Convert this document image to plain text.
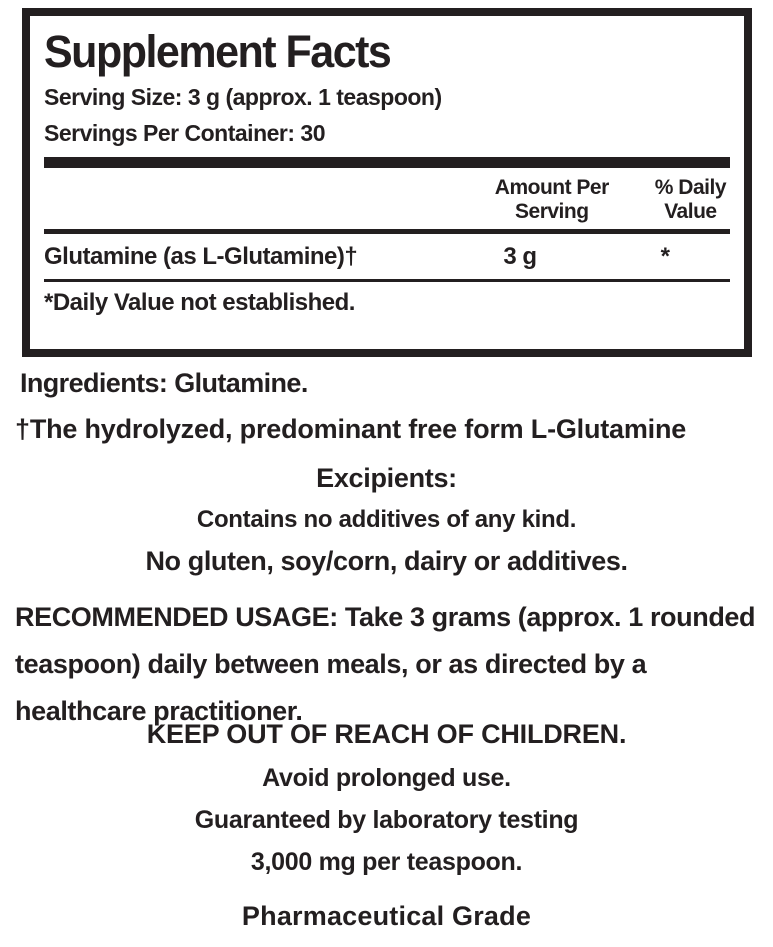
Supplement Facts
Serving Size: 3 g (approx. 1 teaspoon)
Servings Per Container: 30
Amount Per
Serving
% Daily
Value
Glutamine (as L-Glutamine)†	3 g	*
*Daily Value not established.
Ingredients: Glutamine.
†The hydrolyzed, predominant free form L-Glutamine
Excipients:
Contains no additives of any kind.
No gluten, soy/corn, dairy or additives.

RECOMMENDED USAGE: Take 3 grams (approx. 1 rounded teaspoon) daily between meals, or as directed by a healthcare practitioner.

KEEP OUT OF REACH OF CHILDREN.
Avoid prolonged use.
Guaranteed by laboratory testing
3,000 mg per teaspoon.
Pharmaceutical Grade
